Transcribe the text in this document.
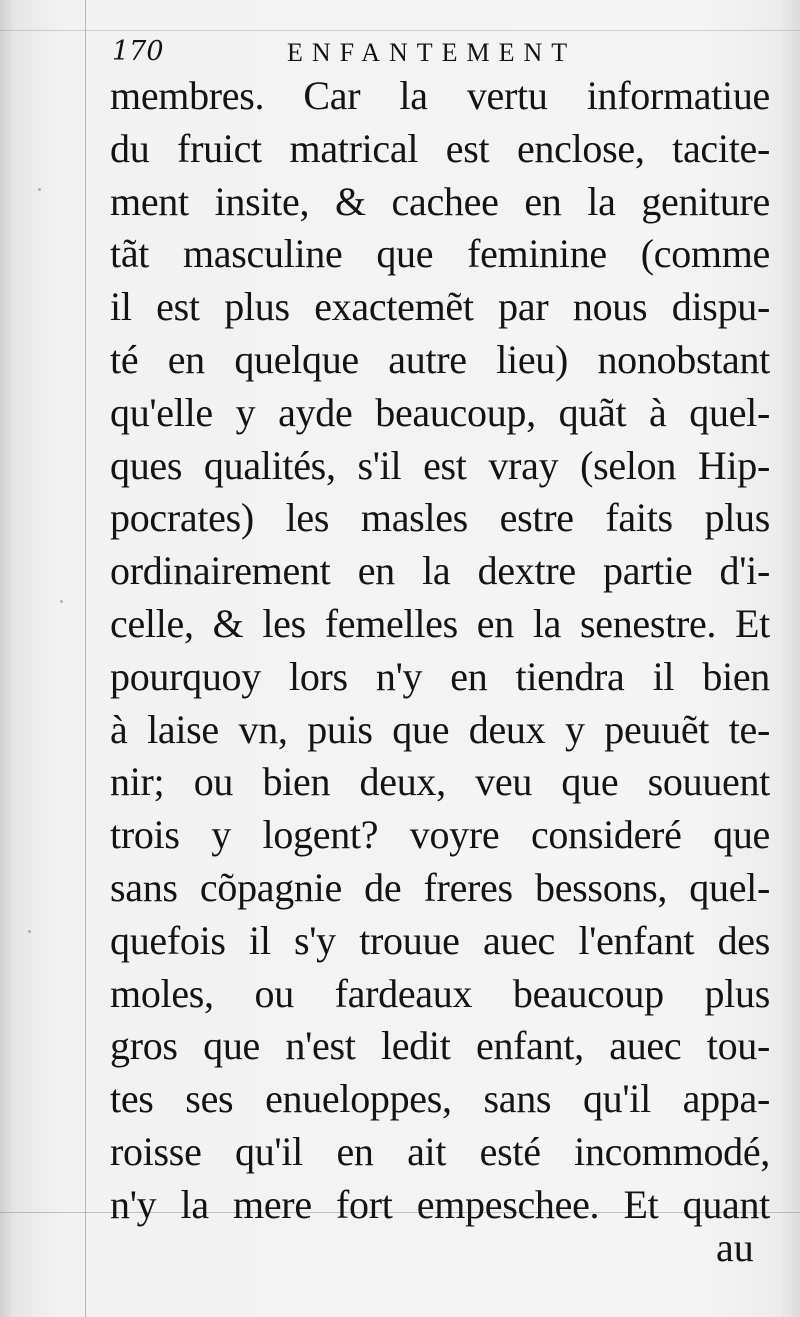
170	ENFANTEMENT
membres. Car la vertu informatiue
du fruict matrical est enclose, tacite-
ment insite, & cachee en la geniture
tãt masculine que feminine (comme
il est plus exactemẽt par nous dispu-
té en quelque autre lieu) nonobstant
qu'elle y ayde beaucoup, quãt à quel-
ques qualités, s'il est vray (selon Hip-
pocrates) les masles estre faits plus
ordinairement en la dextre partie d'i-
celle, & les femelles en la senestre. Et
pourquoy lors n'y en tiendra il bien
à laise vn, puis que deux y peuuẽt te-
nir; ou bien deux, veu que souuent
trois y logent? voyre consideré que
sans cõpagnie de freres bessons, quel-
quefois il s'y trouue auec l'enfant des
moles, ou fardeaux beaucoup plus
gros que n'est ledit enfant, auec tou-
tes ses enueloppes, sans qu'il appa-
roisse qu'il en ait esté incommodé,
n'y la mere fort empeschee. Et quant
au
